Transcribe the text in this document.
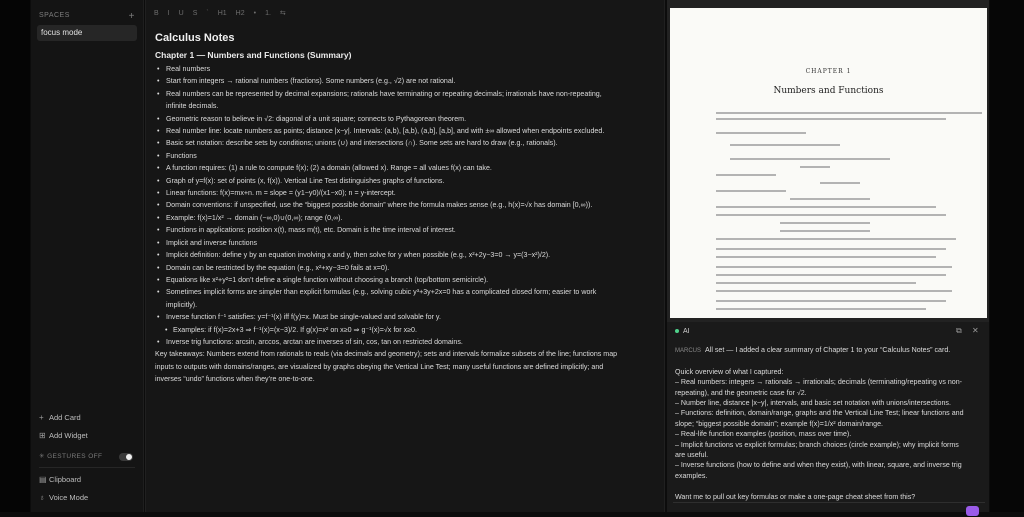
SPACES	+
focus mode
+ Add Card
⊞ Add Widget
✳ GESTURES OFF
▤ Clipboard
♁ Voice Mode
B I U S ` H1 H2 • 1. ⇆
Calculus Notes
Chapter 1 — Numbers and Functions (Summary)
• Real numbers
• Start from integers → rational numbers (fractions). Some numbers (e.g., √2) are not rational.
• Real numbers can be represented by decimal expansions; rationals have terminating or repeating decimals; irrationals have non-repeating,
infinite decimals.
• Geometric reason to believe in √2: diagonal of a unit square; connects to Pythagorean theorem.
• Real number line: locate numbers as points; distance |x−y|. Intervals: (a,b), [a,b), (a,b], [a,b], and with ±∞ allowed when endpoints excluded.
• Basic set notation: describe sets by conditions; unions (∪) and intersections (∩). Some sets are hard to draw (e.g., rationals).
• Functions
• A function requires: (1) a rule to compute f(x); (2) a domain (allowed x). Range = all values f(x) can take.
• Graph of y=f(x): set of points (x, f(x)). Vertical Line Test distinguishes graphs of functions.
• Linear functions: f(x)=mx+n. m = slope = (y1−y0)/(x1−x0); n = y-intercept.
• Domain conventions: if unspecified, use the “biggest possible domain” where the formula makes sense (e.g., h(x)=√x has domain [0,∞)).
• Example: f(x)=1/x² → domain (−∞,0)∪(0,∞); range (0,∞).
• Functions in applications: position x(t), mass m(t), etc. Domain is the time interval of interest.
• Implicit and inverse functions
• Implicit definition: define y by an equation involving x and y, then solve for y when possible (e.g., x²+2y−3=0 → y=(3−x²)/2).
• Domain can be restricted by the equation (e.g., x²+xy−3=0 fails at x=0).
• Equations like x²+y²=1 don’t define a single function without choosing a branch (top/bottom semicircle).
• Sometimes implicit forms are simpler than explicit formulas (e.g., solving cubic y³+3y+2x=0 has a complicated closed form; easier to work
implicitly).
• Inverse function f⁻¹ satisfies: y=f⁻¹(x) iff f(y)=x. Must be single-valued and solvable for y.
• Examples: if f(x)=2x+3 ⇒ f⁻¹(x)=(x−3)/2. If g(x)=x² on x≥0 ⇒ g⁻¹(x)=√x for x≥0.
• Inverse trig functions: arcsin, arccos, arctan are inverses of sin, cos, tan on restricted domains.
Key takeaways: Numbers extend from rationals to reals (via decimals and geometry); sets and intervals formalize subsets of the line; functions map
inputs to outputs with domains/ranges, are visualized by graphs obeying the Vertical Line Test; many useful functions are defined implicitly; and
inverses “undo” functions when they’re one-to-one.
CHAPTER 1
Numbers and Functions
AI	⧉ ✕
MARCUS All set — I added a clear summary of Chapter 1 to your “Calculus Notes” card.
Quick overview of what I captured:
– Real numbers: integers → rationals → irrationals; decimals (terminating/repeating vs non-
repeating), and the geometric case for √2.
– Number line, distance |x−y|, intervals, and basic set notation with unions/intersections.
– Functions: definition, domain/range, graphs and the Vertical Line Test; linear functions and
slope; “biggest possible domain”; example f(x)=1/x² domain/range.
– Real-life function examples (position, mass over time).
– Implicit functions vs explicit formulas; branch choices (circle example); why implicit forms
are useful.
– Inverse functions (how to define and when they exist), with linear, square, and inverse trig
examples.
Want me to pull out key formulas or make a one-page cheat sheet from this?
